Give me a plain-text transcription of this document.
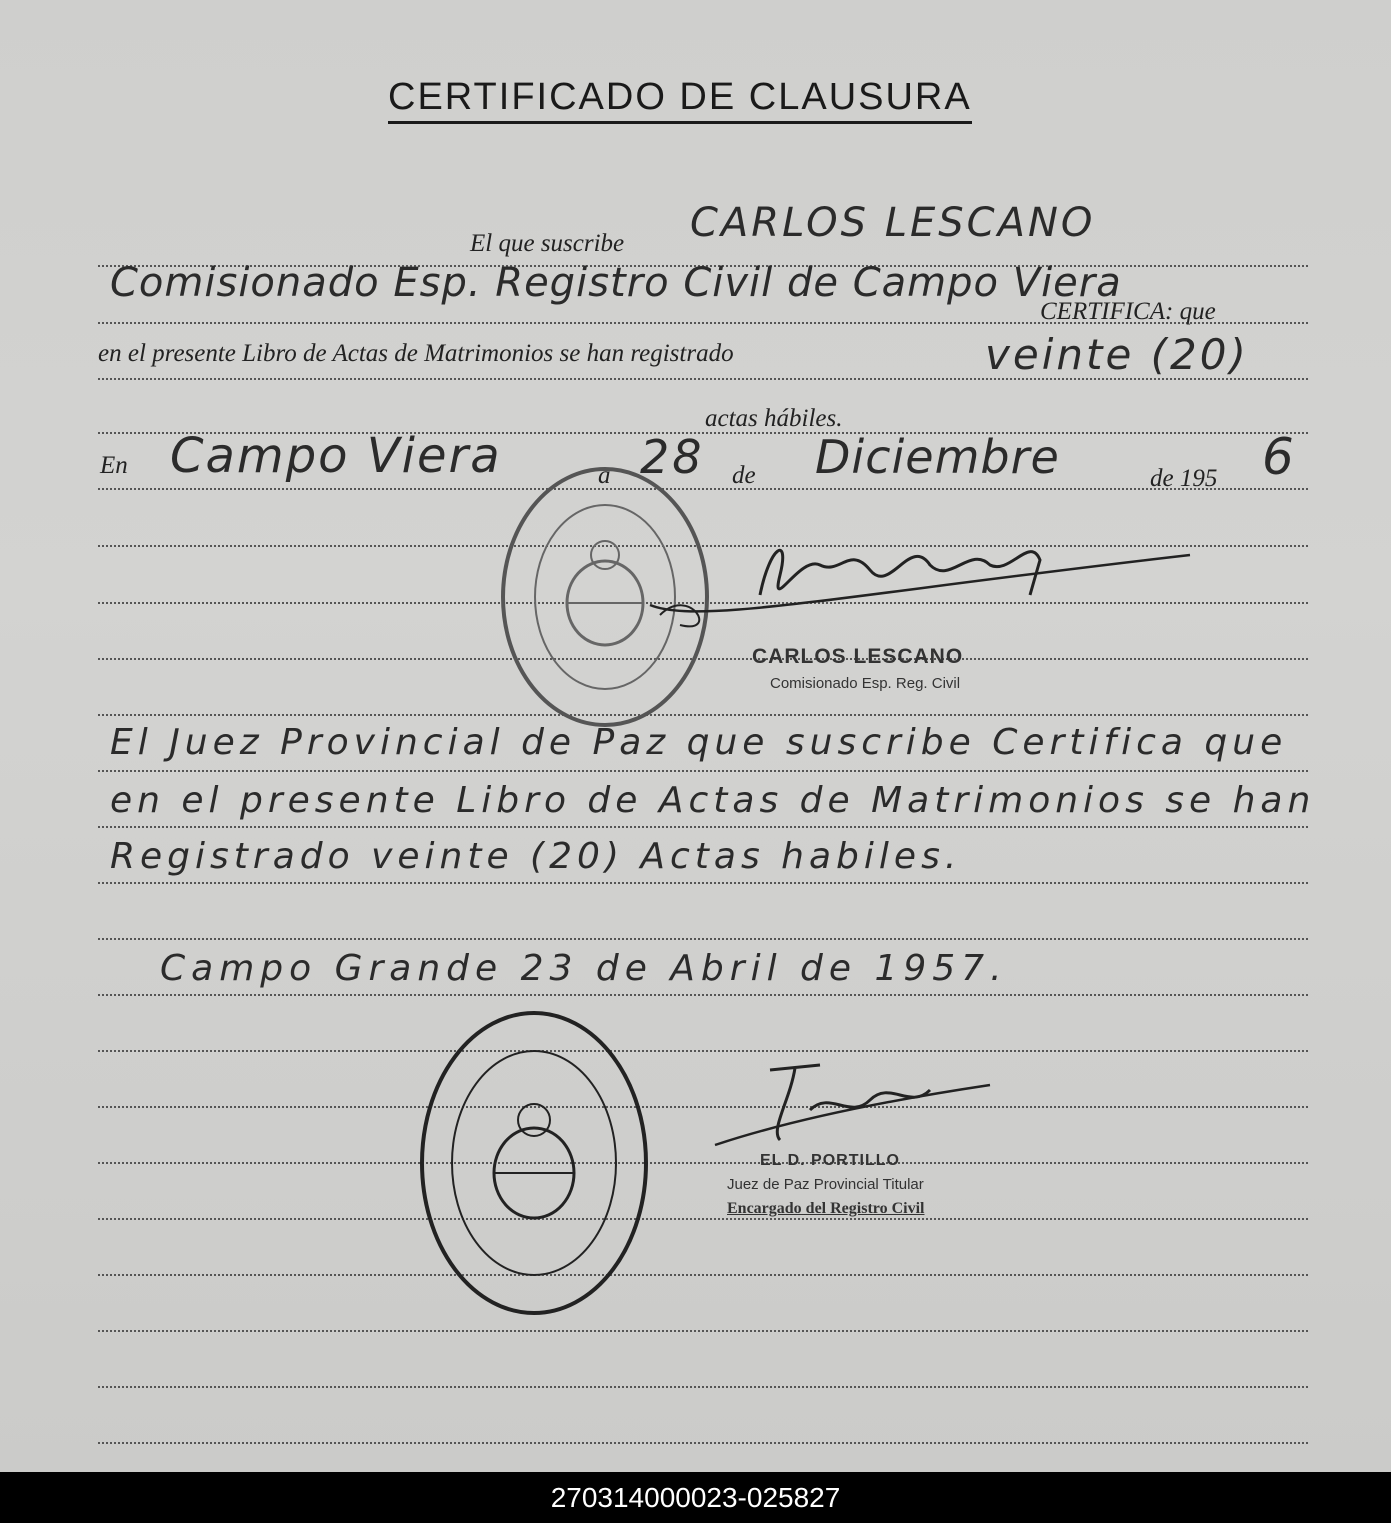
CERTIFICADO DE CLAUSURA
El que suscribe CARLOS LESCANO
Comisionado Esp. Registro Civil de Campo Viera
CERTIFICA: que
en el presente Libro de Actas de Matrimonios se han registrado	veinte (20)
actas hábiles.
En Campo Viera	a 28 de Diciembre	de 195 6
CARLOS LESCANO
Comisionado Esp. Reg. Civil
El Juez Provincial de Paz que suscribe Certifica que
en el presente Libro de Actas de Matrimonios se han
Registrado veinte (20) Actas habiles.
Campo Grande 23 de Abril de 1957.
EL D. PORTILLO
Juez de Paz Provincial Titular
Encargado del Registro Civil
270314000023-025827
